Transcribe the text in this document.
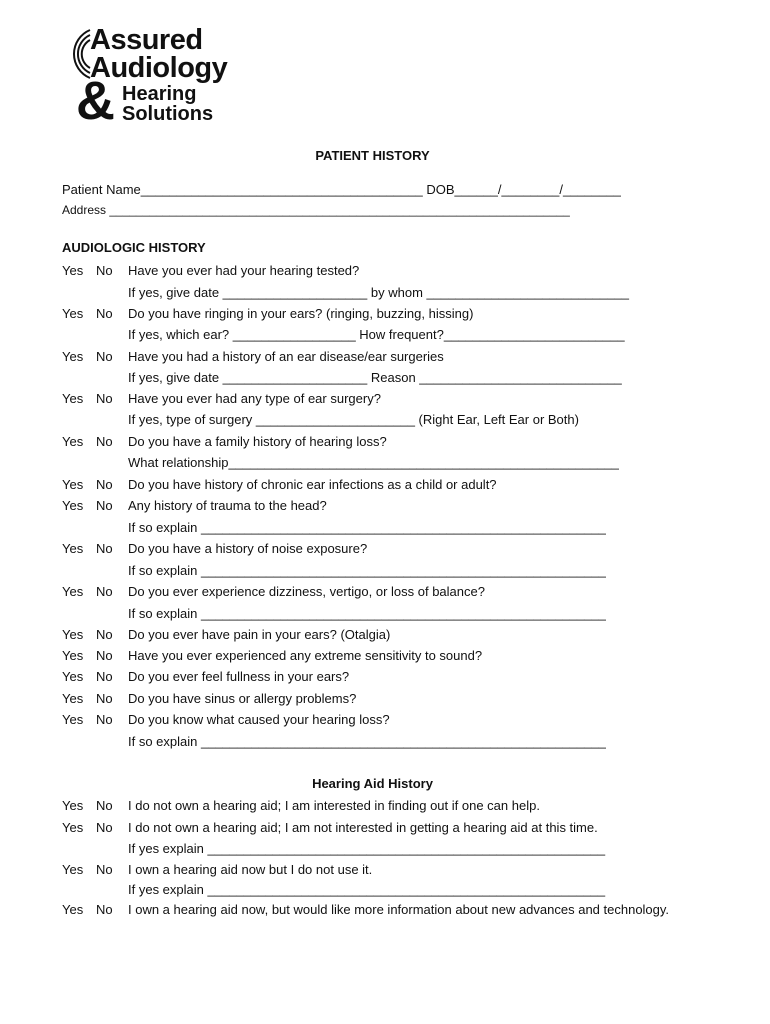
Assured
Audiology
& Hearing
Solutions
PATIENT HISTORY
Patient Name_______________________________________ DOB______/________/________
Address _____________________________________________________________________
AUDIOLOGIC HISTORY
Yes No Have you ever had your hearing tested?
If yes, give date ____________________ by whom ____________________________
Yes No Do you have ringing in your ears? (ringing, buzzing, hissing)
If yes, which ear? _________________ How frequent?_________________________
Yes No Have you had a history of an ear disease/ear surgeries
If yes, give date ____________________ Reason ____________________________
Yes No Have you ever had any type of ear surgery?
If yes, type of surgery ______________________ (Right Ear, Left Ear or Both)
Yes No Do you have a family history of hearing loss?
What relationship______________________________________________________
Yes No Do you have history of chronic ear infections as a child or adult?
Yes No Any history of trauma to the head?
If so explain ________________________________________________________
Yes No Do you have a history of noise exposure?
If so explain ________________________________________________________
Yes No Do you ever experience dizziness, vertigo, or loss of balance?
If so explain ________________________________________________________
Yes No Do you ever have pain in your ears? (Otalgia)
Yes No Have you ever experienced any extreme sensitivity to sound?
Yes No Do you ever feel fullness in your ears?
Yes No Do you have sinus or allergy problems?
Yes No Do you know what caused your hearing loss?
If so explain ________________________________________________________
Hearing Aid History
Yes No I do not own a hearing aid; I am interested in finding out if one can help.
Yes No I do not own a hearing aid; I am not interested in getting a hearing aid at this time.
If yes explain _______________________________________________________
Yes No I own a hearing aid now but I do not use it.
If yes explain _______________________________________________________
Yes No I own a hearing aid now, but would like more information about new advances and technology.
